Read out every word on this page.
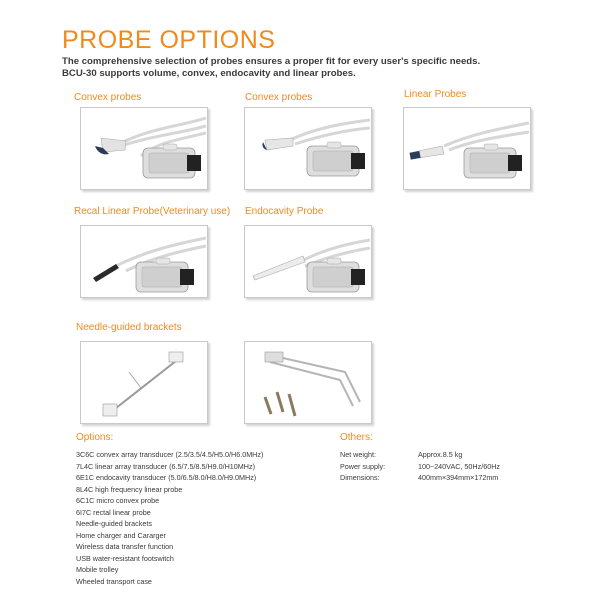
PROBE OPTIONS
The comprehensive selection of probes ensures a proper fit for every user's specific needs.
BCU-30 supports volume, convex, endocavity and linear probes.
Convex probes	Convex probes	Linear Probes
Recal Linear Probe(Veterinary use) Endocavity Probe
Needle-guided brackets
Options:
3C6C convex array transducer (2.5/3.5/4.5/H5.0/H6.0MHz)
7L4C linear array transducer (6.5/7.5/8.5/H9.0/H10MHz)
6E1C endocavity transducer (5.0/6.5/8.0/H8.0/H9.0MHz)
8L4C high frequency linear probe
6C1C micro convex probe
6I7C rectal linear probe
Needle-guided brackets
Home charger and Cararger
Wireless data transfer function
USB water-resistant footswitch
Mobile trolley
Wheeled transport case
Others:
Net weight:	Approx.8.5 kg
Power supply:	100~240VAC, 50Hz/60Hz
Dimensions:	400mm×394mm×172mm
